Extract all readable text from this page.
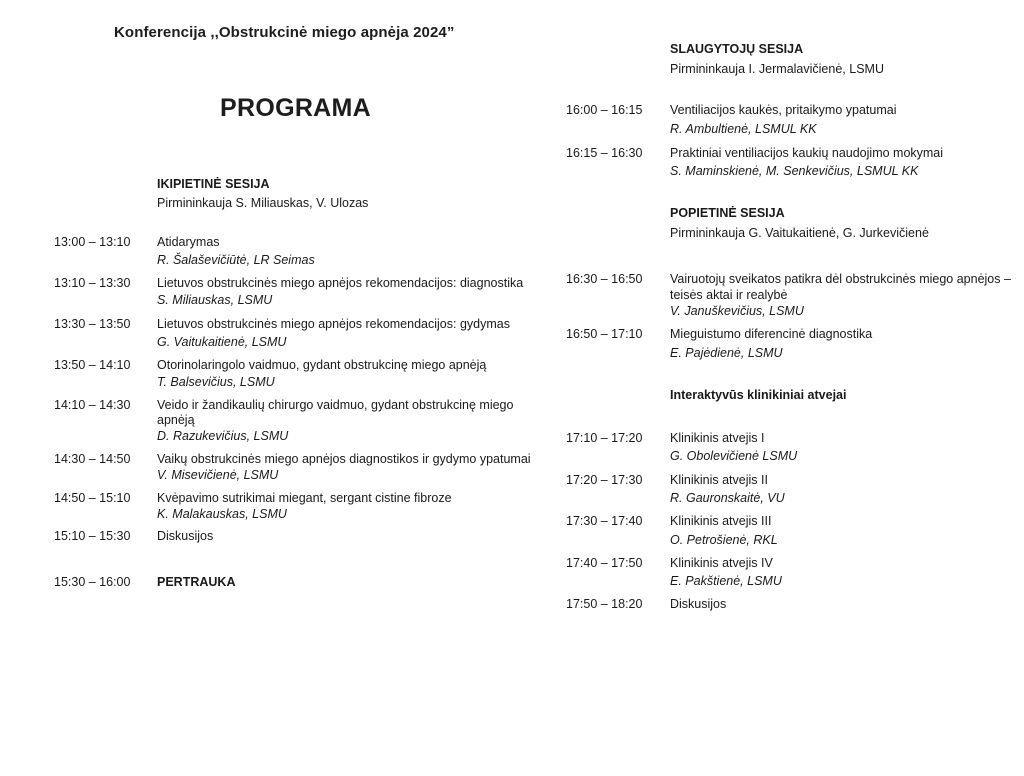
Konferencija ,,Obstrukcinė miego apnėja 2024”
PROGRAMA
IKIPIETINĖ SESIJA
Pirmininkauja S. Miliauskas, V. Ulozas
13:00 – 13:10 Atidarymas
R. Šalaševičiūtė, LR Seimas
13:10 – 13:30 Lietuvos obstrukcinės miego apnėjos rekomendacijos: diagnostika
S. Miliauskas, LSMU
13:30 – 13:50 Lietuvos obstrukcinės miego apnėjos rekomendacijos: gydymas
G. Vaitukaitienė, LSMU
13:50 – 14:10 Otorinolaringolo vaidmuo, gydant obstrukcinę miego apnėją
T. Balsevičius, LSMU
14:10 – 14:30 Veido ir žandikaulių chirurgo vaidmuo, gydant obstrukcinę miego
apnėją
D. Razukevičius, LSMU
14:30 – 14:50 Vaikų obstrukcinės miego apnėjos diagnostikos ir gydymo ypatumai
V. Misevičienė, LSMU
14:50 – 15:10 Kvėpavimo sutrikimai miegant, sergant cistine fibroze
K. Malakauskas, LSMU
15:10 – 15:30 Diskusijos
15:30 – 16:00 PERTRAUKA
SLAUGYTOJŲ SESIJA
Pirmininkauja I. Jermalavičienė, LSMU
16:00 – 16:15 Ventiliacijos kaukės, pritaikymo ypatumai
R. Ambultienė, LSMUL KK
16:15 – 16:30 Praktiniai ventiliacijos kaukių naudojimo mokymai
S. Maminskienė, M. Senkevičius, LSMUL KK
POPIETINĖ SESIJA
Pirmininkauja G. Vaitukaitienė, G. Jurkevičienė
16:30 – 16:50 Vairuotojų sveikatos patikra dėl obstrukcinės miego apnėjos –
teisės aktai ir realybė
V. Januškevičius, LSMU
16:50 – 17:10 Mieguistumo diferencinė diagnostika
E. Pajėdienė, LSMU
Interaktyvūs klinikiniai atvejai
17:10 – 17:20 Klinikinis atvejis I
G. Obolevičienė LSMU
17:20 – 17:30 Klinikinis atvejis II
R. Gauronskaitė, VU
17:30 – 17:40 Klinikinis atvejis III
O. Petrošienė, RKL
17:40 – 17:50 Klinikinis atvejis IV
E. Pakštienė, LSMU
17:50 – 18:20 Diskusijos
